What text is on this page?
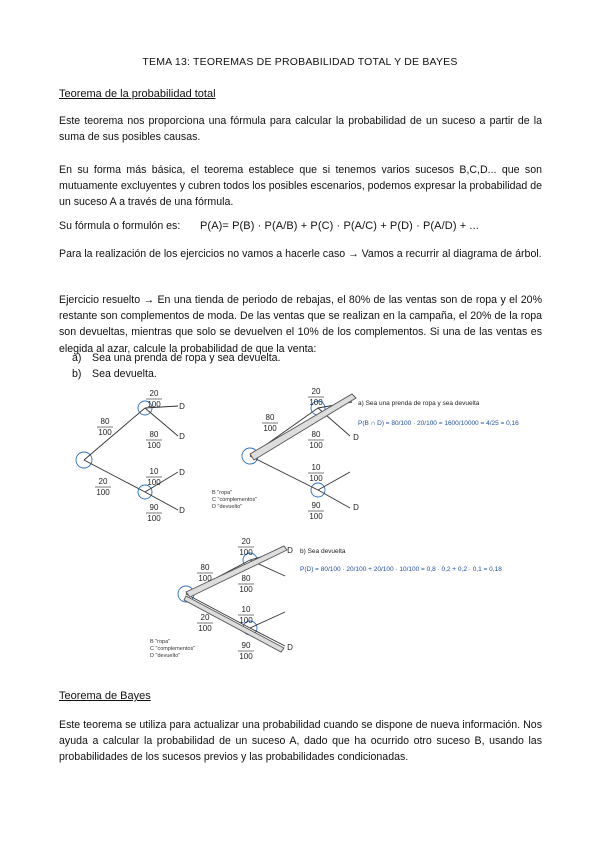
TEMA 13: TEOREMAS DE PROBABILIDAD TOTAL Y DE BAYES
Teorema de la probabilidad total

Este teorema nos proporciona una fórmula para calcular la probabilidad de un suceso a partir de la suma de sus posibles causas.

En su forma más básica, el teorema establece que si tenemos varios sucesos B,C,D... que son mutuamente excluyentes y cubren todos los posibles escenarios, podemos expresar la probabilidad de un suceso A a través de una fórmula.

Su fórmula o formulón es: P(A)= P(B) · P(A/B) + P(C) · P(A/C) + P(D) · P(A/D) + ...

Para la realización de los ejercicios no vamos a hacerle caso → Vamos a recurrir al diagrama de árbol.

Ejercicio resuelto → En una tienda de periodo de rebajas, el 80% de las ventas son de ropa y el 20% restante son complementos de moda. De las ventas que se realizan en la campaña, el 20% de la ropa son devueltas, mientras que solo se devuelven el 10% de los complementos. Si una de las ventas es elegida al azar, calcule la probabilidad de que la venta:

a) Sea una prenda de ropa y sea devuelta.
b) Sea devuelta.
80
100
20
100
20
100
80
100
10
100
90
100
D
D
D
D
80
100
20
100
80
100
10
100
90
100
D
D
80
100
20
100
20
100
80
100
10
100
90
100
D
D
B "ropa"
C "complementos"
D "devuelto"
B "ropa"
C "complementos"
D "devuelto"
a) Sea una prenda de ropa y sea devuelta
b) Sea devuelta
P(B ∩ D) = 80/100 · 20/100 = 1600/10000 = 4/25 = 0,16
P(D) = 80/100 · 20/100 + 20/100 · 10/100 = 0,8 · 0,2 + 0,2 · 0,1 = 0,18
Teorema de Bayes

Este teorema se utiliza para actualizar una probabilidad cuando se dispone de nueva información. Nos ayuda a calcular la probabilidad de un suceso A, dado que ha ocurrido otro suceso B, usando las probabilidades de los sucesos previos y las probabilidades condicionadas.
